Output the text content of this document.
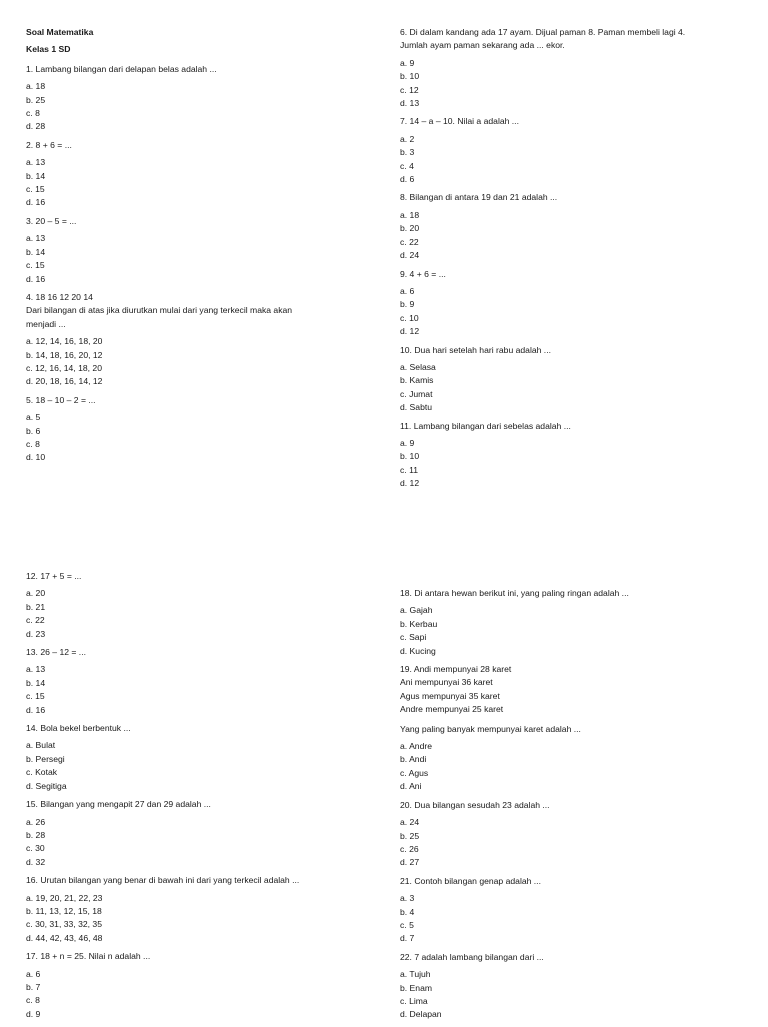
Soal Matematika
Kelas 1 SD
1. Lambang bilangan dari delapan belas adalah ...
a. 18
b. 25
c. 8
d. 28
2. 8 + 6 = ...
a. 13
b. 14
c. 15
d. 16
3. 20 – 5 = ...
a. 13
b. 14
c. 15
d. 16
4. 18 16 12 20 14
Dari bilangan di atas jika diurutkan mulai dari yang terkecil maka akan
menjadi ...
a. 12, 14, 16, 18, 20
b. 14, 18, 16, 20, 12
c. 12, 16, 14, 18, 20
d. 20, 18, 16, 14, 12
5. 18 – 10 – 2 = ...
a. 5
b. 6
c. 8
d. 10
6. Di dalam kandang ada 17 ayam. Dijual paman 8. Paman membeli lagi 4.
Jumlah ayam paman sekarang ada ... ekor.
a. 9
b. 10
c. 12
d. 13
7. 14 – a – 10. Nilai a adalah ...
a. 2
b. 3
c. 4
d. 6
8. Bilangan di antara 19 dan 21 adalah ...
a. 18
b. 20
c. 22
d. 24
9. 4 + 6 = ...
a. 6
b. 9
c. 10
d. 12
10. Dua hari setelah hari rabu adalah ...
a. Selasa
b. Kamis
c. Jumat
d. Sabtu
11. Lambang bilangan dari sebelas adalah ...
a. 9
b. 10
c. 11
d. 12
12. 17 + 5 = ...
a. 20
b. 21
c. 22
d. 23
13. 26 – 12 = ...
a. 13
b. 14
c. 15
d. 16
14. Bola bekel berbentuk ...
a. Bulat
b. Persegi
c. Kotak
d. Segitiga
15. Bilangan yang mengapit 27 dan 29 adalah ...
a. 26
b. 28
c. 30
d. 32
16. Urutan bilangan yang benar di bawah ini dari yang terkecil adalah ...
a. 19, 20, 21, 22, 23
b. 11, 13, 12, 15, 18
c. 30, 31, 33, 32, 35
d. 44, 42, 43, 46, 48
17. 18 + n = 25. Nilai n adalah ...
a. 6
b. 7
c. 8
d. 9
18. Di antara hewan berikut ini, yang paling ringan adalah ...
a. Gajah
b. Kerbau
c. Sapi
d. Kucing
19. Andi mempunyai 28 karet
Ani mempunyai 36 karet
Agus mempunyai 35 karet
Andre mempunyai 25 karet
Yang paling banyak mempunyai karet adalah ...
a. Andre
b. Andi
c. Agus
d. Ani
20. Dua bilangan sesudah 23 adalah ...
a. 24
b. 25
c. 26
d. 27
21. Contoh bilangan genap adalah ...
a. 3
b. 4
c. 5
d. 7
22. 7 adalah lambang bilangan dari ...
a. Tujuh
b. Enam
c. Lima
d. Delapan
